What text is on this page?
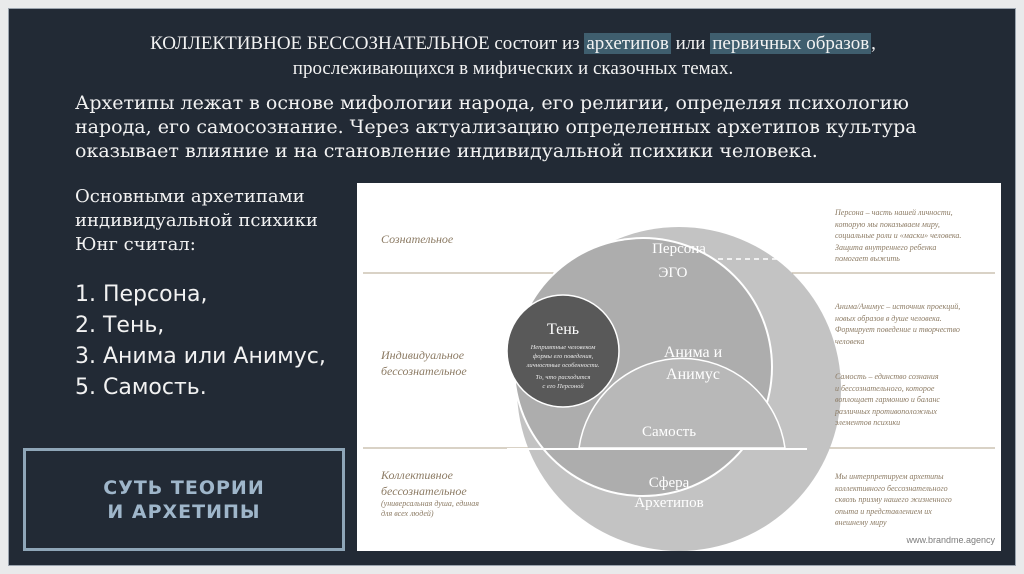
КОЛЛЕКТИВНОЕ БЕССОЗНАТЕЛЬНОЕ состоит из архетипов или первичных образов ,
прослеживающихся в мифических и сказочных темах.
Архетипы лежат в основе мифологии народа, его религии, определяя психологию народа, его самосознание. Через актуализацию определенных архетипов культура оказывает влияние и на становление индивидуальной психики человека.
Основными архетипами
индивидуальной психики
Юнг считал:
1. Персона,
2. Тень,
3. Анима или Анимус,
5. Самость.
СУТЬ ТЕОРИИ
И АРХЕТИПЫ
Персона
ЭГО
Тень
Неприятные человеком
формы его поведения,
личностные особенности.
То, что расходится
с его Персоной
Анима и
Анимус
Самость
Сфера
Архетипов
Сознательное
Индивидуальное
бессознательное
Коллективное
бессознательное
(универсальная душа, единая
для всех людей)
Персона – часть нашей личности,
которую мы показываем миру,
социальные роли и «маски» человека.
Защита внутреннего ребенка
помогает выжить
Анима/Анимус – источник проекций,
новых образов в душе человека.
Формирует поведение и творчество
человека
Самость – единство сознания
и бессознательного, которое
воплощает гармонию и баланс
различных противоположных
элементов психики
Мы интерпретируем архетипы
коллективного бессознательного
сквозь призму нашего жизненного
опыта и представлением их
внешнему миру
www.brandme.agency
